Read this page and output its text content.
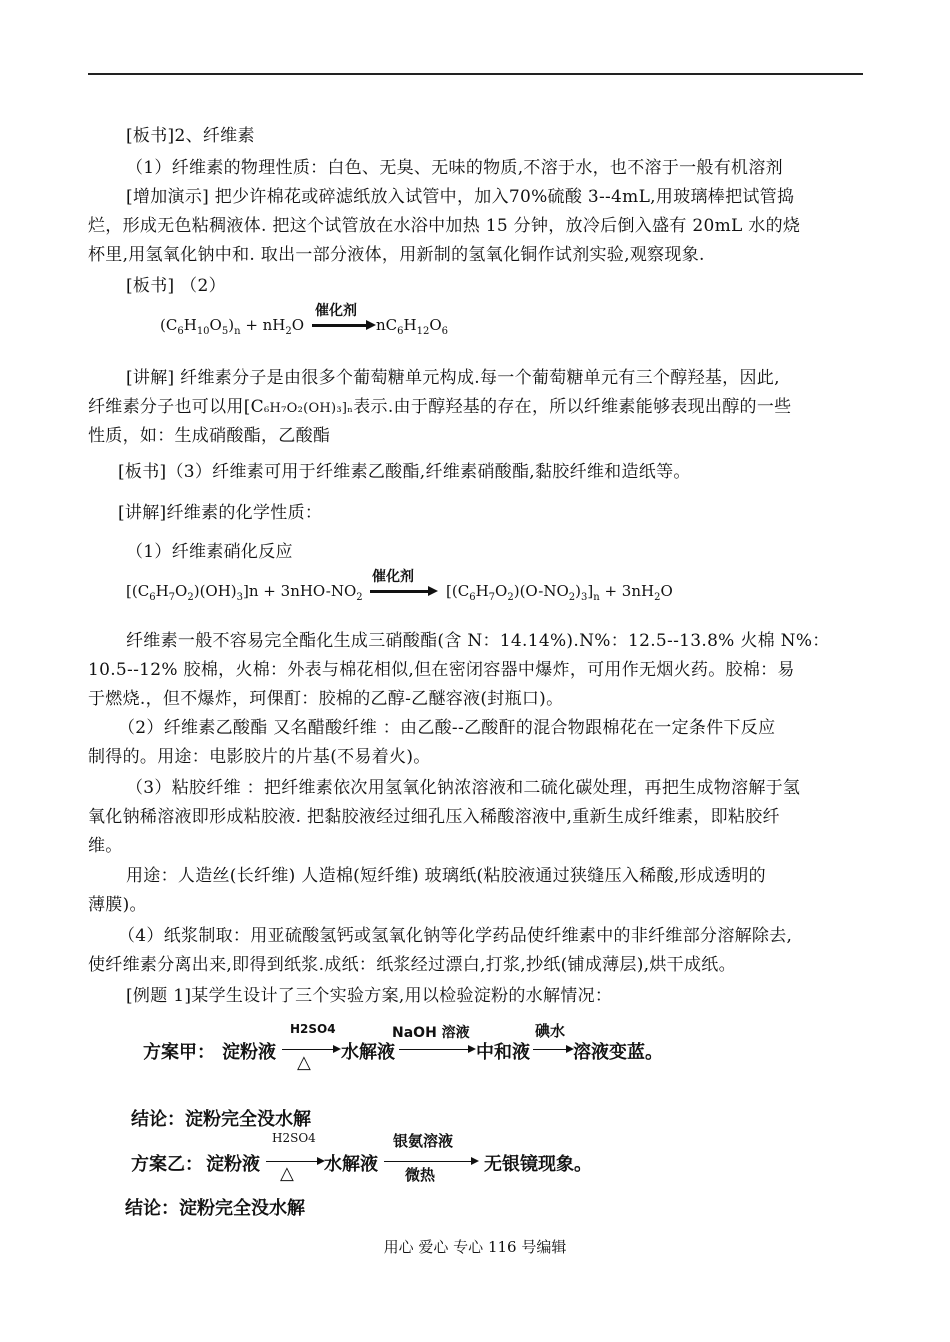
[板书]2、纤维素
（1）纤维素的物理性质：白色、无臭、无味的物质,不溶于水，也不溶于一般有机溶剂
[增加演示] 把少许棉花或碎滤纸放入试管中，加入70%硫酸 3--4mL,用玻璃棒把试管捣
烂，形成无色粘稠液体. 把这个试管放在水浴中加热 15 分钟，放冷后倒入盛有 20mL 水的烧
杯里,用氢氧化钠中和. 取出一部分液体，用新制的氢氧化铜作试剂实验,观察现象.
[板书] （2）
$(C_6H_{10}O_5)_n + nH_2O$
催化剂
$nC_6H_{12}O_6$
[讲解] 纤维素分子是由很多个葡萄糖单元构成.每一个葡萄糖单元有三个醇羟基，因此,
纤维素分子也可以用[C₆H₇O₂(OH)₃]ₙ表示.由于醇羟基的存在，所以纤维素能够表现出醇的一些
性质，如：生成硝酸酯，乙酸酯
[板书]（3）纤维素可用于纤维素乙酸酯,纤维素硝酸酯,黏胶纤维和造纸等。
[讲解]纤维素的化学性质：
（1）纤维素硝化反应
$[(C_6H_7O_2)(OH)_3]n + 3nHO-NO_2$
催化剂
$[(C_6H_7O_2)(O-NO_2)_3]_n + 3nH_2O$
纤维素一般不容易完全酯化生成三硝酸酯(含 N：14.14%).N%：12.5--13.8% 火棉 N%：
10.5--12% 胶棉，火棉：外表与棉花相似,但在密闭容器中爆炸，可用作无烟火药。胶棉：易
于燃烧.，但不爆炸，珂倮酊：胶棉的乙醇-乙醚容液(封瓶口)。
（2）纤维素乙酸酯 又名醋酸纤维 ：由乙酸--乙酸酐的混合物跟棉花在一定条件下反应
制得的。用途：电影胶片的片基(不易着火)。
（3）粘胶纤维 ：把纤维素依次用氢氧化钠浓溶液和二硫化碳处理，再把生成物溶解于氢
氧化钠稀溶液即形成粘胶液. 把黏胶液经过细孔压入稀酸溶液中,重新生成纤维素，即粘胶纤
维。
用途：人造丝(长纤维) 人造棉(短纤维) 玻璃纸(粘胶液通过狭缝压入稀酸,形成透明的
薄膜)。
（4）纸浆制取：用亚硫酸氢钙或氢氧化钠等化学药品使纤维素中的非纤维部分溶解除去,
使纤维素分离出来,即得到纸浆.成纸：纸浆经过漂白,打浆,抄纸(铺成薄层),烘干成纸。
[例题 1]某学生设计了三个实验方案,用以检验淀粉的水解情况：
方案甲： 淀粉液
H2SO4
△ 水解液
NaOH 溶液
中和液
碘水
溶液变蓝。
结论：淀粉完全没水解
方案乙： 淀粉液
H2SO4
△ 水解液
银氨溶液
微热	无银镜现象。
结论：淀粉完全没水解
用心 爱心 专心 116 号编辑
